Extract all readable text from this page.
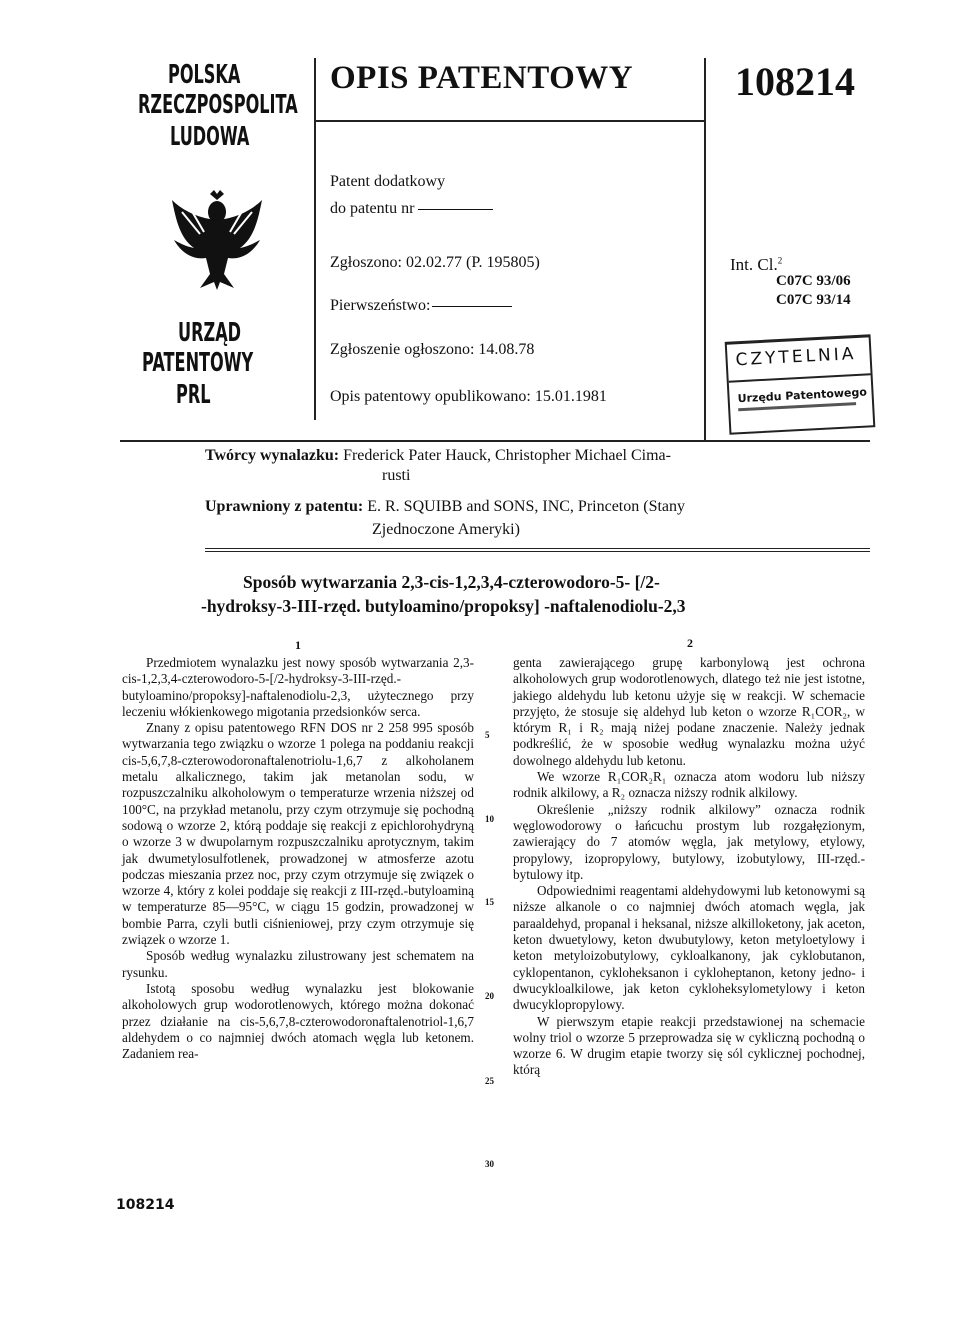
POLSKA
RZECZPOSPOLITA
LUDOWA
URZĄD
PATENTOWY
PRL
OPIS PATENTOWY	108214
Patent dodatkowy
do patentu nr
Zgłoszono: 02.02.77 (P. 195805)
Pierwszeństwo:
Zgłoszenie ogłoszono: 14.08.78
Opis patentowy opublikowano: 15.01.1981
Int. Cl.$^2$
C07C 93/06
C07C 93/14
CZYTELNIA
Urzędu Patentowego
Twórcy wynalazku: Frederick Pater Hauck, Christopher Michael Cima-
rusti
Uprawniony z patentu: E. R. SQUIBB and SONS, INC, Princeton (Stany
Zjednoczone Ameryki)
Sposób wytwarzania 2,3-cis-1,2,3,4-czterowodoro-5- [/2-
-hydroksy-3-III-rzęd. butyloamino/propoksy] -naftalenodiolu-2,3
1	2

Przedmiotem wynalazku jest nowy sposób wytwarzania 2,3-cis-1,2,3,4-czterowodoro-5-[/2-hydroksy-3-III-rzęd.-butyloamino/propoksy]-naftalenodiolu-2,3, użytecznego przy leczeniu włókienkowego migotania przedsionków serca.

Znany z opisu patentowego RFN DOS nr 2 258 995 sposób wytwarzania tego związku o wzorze 1 polega na poddaniu reakcji cis-5,6,7,8-czterowodoronaftalenotriolu-1,6,7 z alkoholanem metalu alkalicznego, takim jak metanolan sodu, w rozpuszczalniku alkoholowym o temperaturze wrzenia niższej od 100°C, na przykład metanolu, przy czym otrzymuje się pochodną sodową o wzorze 2, którą poddaje się reakcji z epichlorohydryną o wzorze 3 w dwupolarnym rozpuszczalniku aprotycznym, takim jak dwumetylosulfotlenek, prowadzonej w atmosferze azotu podczas mieszania przez noc, przy czym otrzymuje się związek o wzorze 4, który z kolei poddaje się reakcji z III-rzęd.-butyloaminą w temperaturze 85—95°C, w ciągu 15 godzin, prowadzonej w bombie Parra, czyli butli ciśnieniowej, przy czym otrzymuje się związek o wzorze 1.

Sposób według wynalazku zilustrowany jest schematem na rysunku.

Istotą sposobu według wynalazku jest blokowanie alkoholowych grup wodorotlenowych, którego można dokonać przez działanie na cis-5,6,7,8-czterowodoronaftalenotriol-1,6,7 aldehydem o co najmniej dwóch atomach węgla lub ketonem. Zadaniem rea-

5
10
15
20
25
30

genta zawierającego grupę karbonylową jest ochrona alkoholowych grup wodorotlenowych, dlatego też nie jest istotne, jakiego aldehydu lub ketonu użyje się w reakcji. W schemacie przyjęto, że stosuje się aldehyd lub keton o wzorze R₁COR₂, w którym R₁ i R₂ mają niżej podane znaczenie. Należy jednak podkreślić, że w sposobie według wynalazku można użyć dowolnego aldehydu lub ketonu.

We wzorze R₁COR₂R₁ oznacza atom wodoru lub niższy rodnik alkilowy, a R₂ oznacza niższy rodnik alkilowy.

Określenie „niższy rodnik alkilowy” oznacza rodnik węglowodorowy o łańcuchu prostym lub rozgałęzionym, zawierający do 7 atomów węgla, jak metylowy, etylowy, propylowy, izopropylowy, butylowy, izobutylowy, III-rzęd.-bytulowy itp.

Odpowiednimi reagentami aldehydowymi lub ketonowymi są niższe alkanole o co najmniej dwóch atomach węgla, jak paraaldehyd, propanal i heksanal, niższe alkilloketony, jak aceton, keton dwuetylowy, keton dwubutylowy, keton metyloetylowy i keton metyloizobutylowy, cykloalkanony, jak cyklobutanon, cyklopentanon, cykloheksanon i cykloheptanon, ketony jedno- i dwucykloalkilowe, jak keton cykloheksylometylowy i keton dwucyklopropylowy.

W pierwszym etapie reakcji przedstawionej na schemacie wolny triol o wzorze 5 przeprowadza się w cykliczną pochodną o wzorze 6. W drugim etapie tworzy się sól cyklicznej pochodnej, którą

108214
